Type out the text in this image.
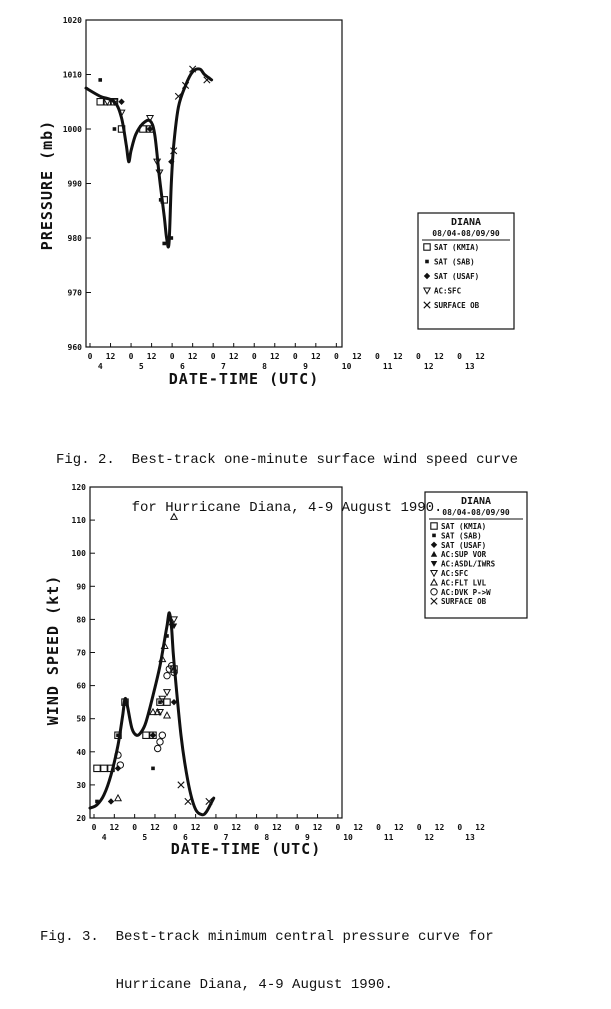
960
970
980
990
1000
1010
1020
0 12 0 12 0 12 0 12 0 12 0 12 0 12 0 12 0 12 0 12
4	5	6	7	8	9	10	11	12	13
DATE-TIME (UTC)
PRESSURE (mb)	DIANA
08/04-08/09/90
SAT (KMIA)
SAT (SAB)
SAT (USAF)
AC:SFC
SURFACE OB
20
30
40
50
60
70
80
90
100
110
120
0 12 0 12 0 12 0 12 0 12 0 12 0 12 0 12 0 12 0 12
4	5	6	7	8	9	10	11	12	13
DATE-TIME (UTC)
WIND SPEED (kt)
DIANA
08/04-08/09/90
SAT (KMIA)
SAT (SAB)
SAT (USAF)
AC:SUP VOR
AC:ASDL/IWRS
AC:SFC
AC:FLT LVL
AC:DVK P->W
SURFACE OB

Fig. 2.  Best-track one-minute surface wind speed curve

for Hurricane Diana, 4-9 August 1990.

Fig. 3.  Best-track minimum central pressure curve for

Hurricane Diana, 4-9 August 1990.
